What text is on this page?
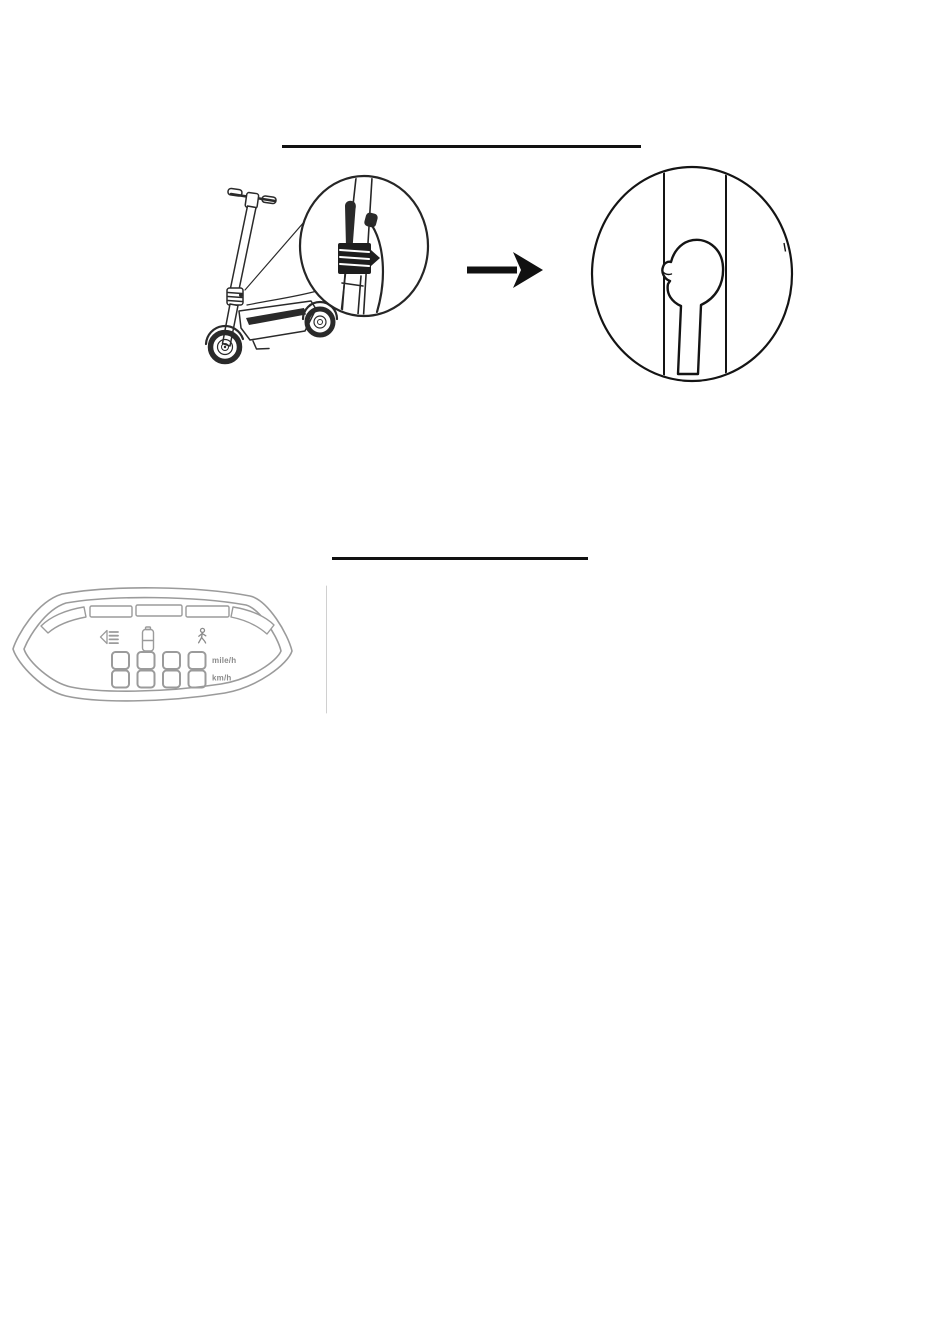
mile/h
km/h
